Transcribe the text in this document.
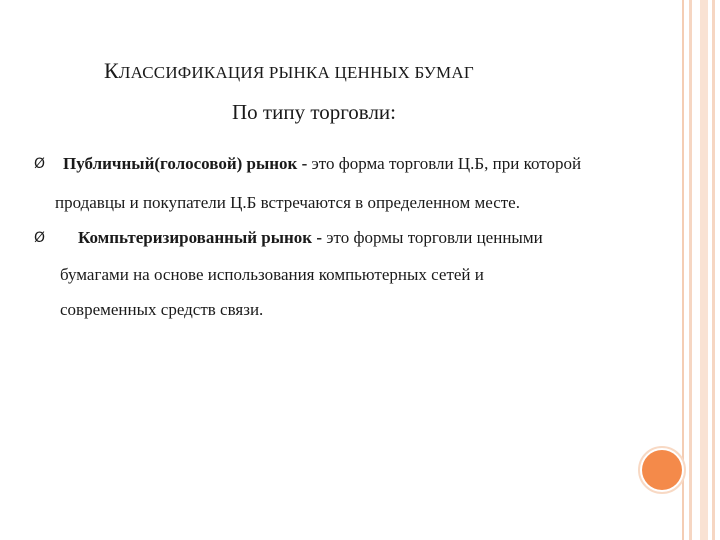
КЛАССИФИКАЦИЯ РЫНКА ЦЕННЫХ БУМАГ
По типу торговли:
Ø Публичный(голосовой) рынок - это форма торговли Ц.Б, при которой
продавцы и покупатели Ц.Б встречаются в определенном месте.
Ø Компьтеризированный рынок - это формы торговли ценными
бумагами на основе использования компьютерных сетей и
современных средств связи.
